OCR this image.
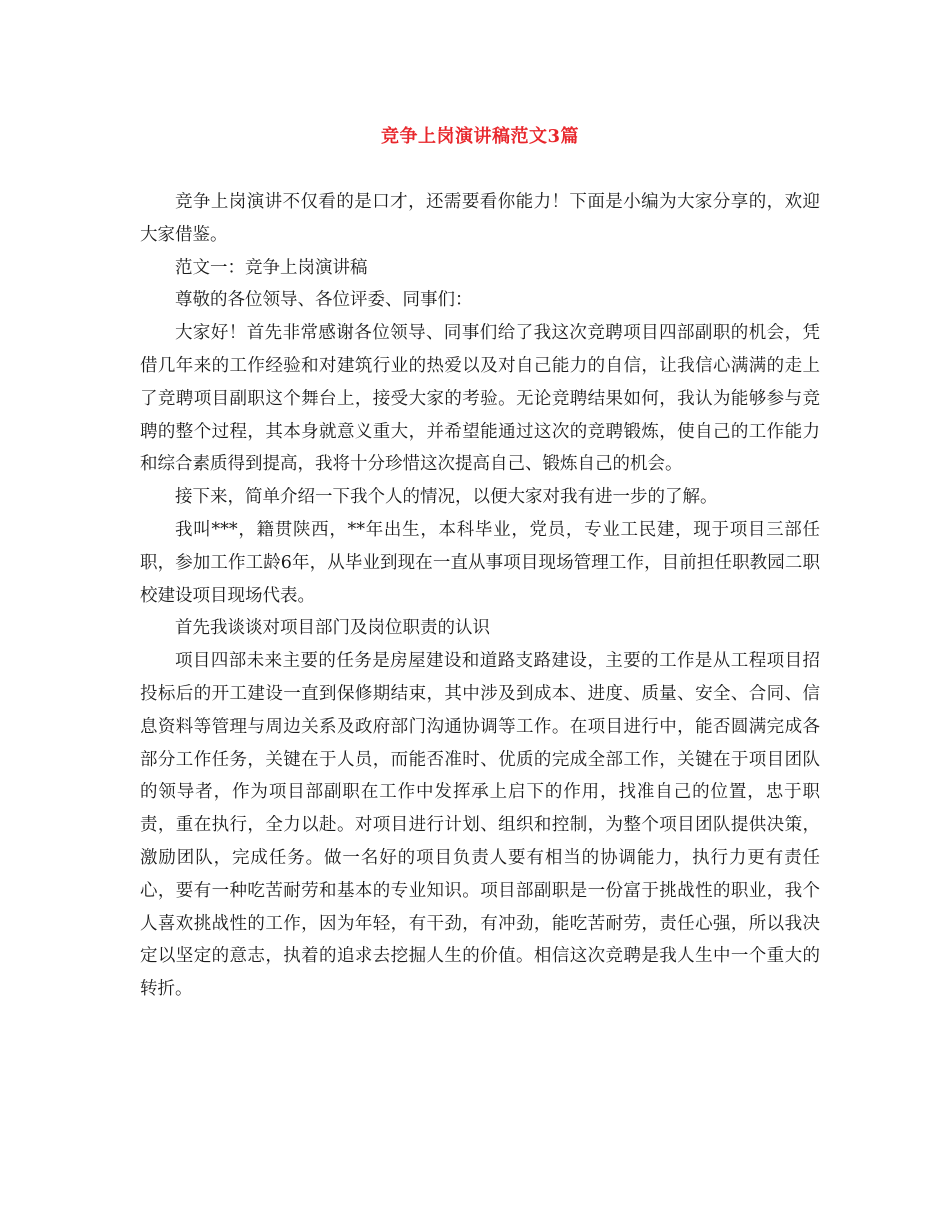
竞争上岗演讲稿范文3篇

竞争上岗演讲不仅看的是口才，还需要看你能力！下面是小编为大家分享的，欢迎大家借鉴。

范文一：竞争上岗演讲稿

尊敬的各位领导、各位评委、同事们：

大家好！首先非常感谢各位领导、同事们给了我这次竞聘项目四部副职的机会，凭借几年来的工作经验和对建筑行业的热爱以及对自己能力的自信，让我信心满满的走上了竞聘项目副职这个舞台上，接受大家的考验。无论竞聘结果如何，我认为能够参与竞聘的整个过程，其本身就意义重大，并希望能通过这次的竞聘锻炼，使自己的工作能力和综合素质得到提高，我将十分珍惜这次提高自己、锻炼自己的机会。

接下来，简单介绍一下我个人的情况，以便大家对我有进一步的了解。

我叫***，籍贯陕西，**年出生，本科毕业，党员，专业工民建，现于项目三部任职，参加工作工龄6年，从毕业到现在一直从事项目现场管理工作，目前担任职教园二职校建设项目现场代表。

首先我谈谈对项目部门及岗位职责的认识

项目四部未来主要的任务是房屋建设和道路支路建设，主要的工作是从工程项目招投标后的开工建设一直到保修期结束，其中涉及到成本、进度、质量、安全、合同、信息资料等管理与周边关系及政府部门沟通协调等工作。在项目进行中，能否圆满完成各部分工作任务，关键在于人员，而能否准时、优质的完成全部工作，关键在于项目团队的领导者，作为项目部副职在工作中发挥承上启下的作用，找准自己的位置，忠于职责，重在执行，全力以赴。对项目进行计划、组织和控制，为整个项目团队提供决策，激励团队，完成任务。做一名好的项目负责人要有相当的协调能力，执行力更有责任心，要有一种吃苦耐劳和基本的专业知识。项目部副职是一份富于挑战性的职业，我个人喜欢挑战性的工作，因为年轻，有干劲，有冲劲，能吃苦耐劳，责任心强，所以我决定以坚定的意志，执着的追求去挖掘人生的价值。相信这次竞聘是我人生中一个重大的转折。
